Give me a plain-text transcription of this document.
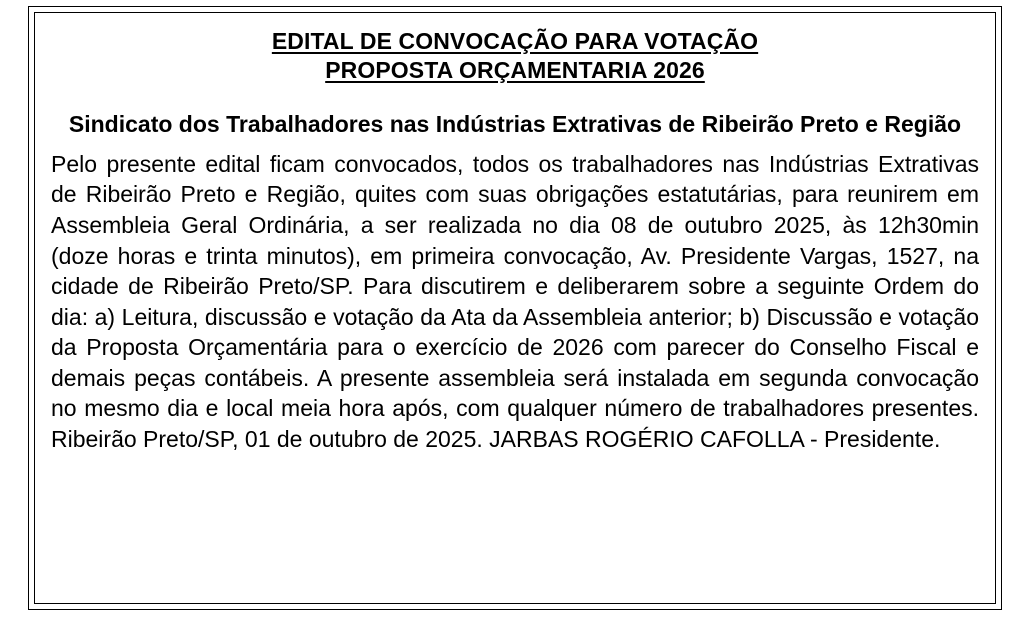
EDITAL DE CONVOCAÇÃO PARA VOTAÇÃO
PROPOSTA ORÇAMENTARIA 2026
Sindicato dos Trabalhadores nas Indústrias Extrativas de Ribeirão Preto e Região
Pelo presente edital ficam convocados, todos os trabalhadores nas Indústrias Extrativas de Ribeirão Preto e Região, quites com suas obrigações estatutárias, para reunirem em Assembleia Geral Ordinária, a ser realizada no dia 08 de outubro 2025, às 12h30min (doze horas e trinta minutos), em primeira convocação, Av. Presidente Vargas, 1527, na cidade de Ribeirão Preto/SP. Para discutirem e deliberarem sobre a seguinte Ordem do dia: a) Leitura, discussão e votação da Ata da Assembleia anterior; b) Discussão e votação da Proposta Orçamentária para o exercício de 2026 com parecer do Conselho Fiscal e demais peças contábeis. A presente assembleia será instalada em segunda convocação no mesmo dia e local meia hora após, com qualquer número de trabalhadores presentes. Ribeirão Preto/SP, 01 de outubro de 2025. JARBAS ROGÉRIO CAFOLLA - Presidente.
